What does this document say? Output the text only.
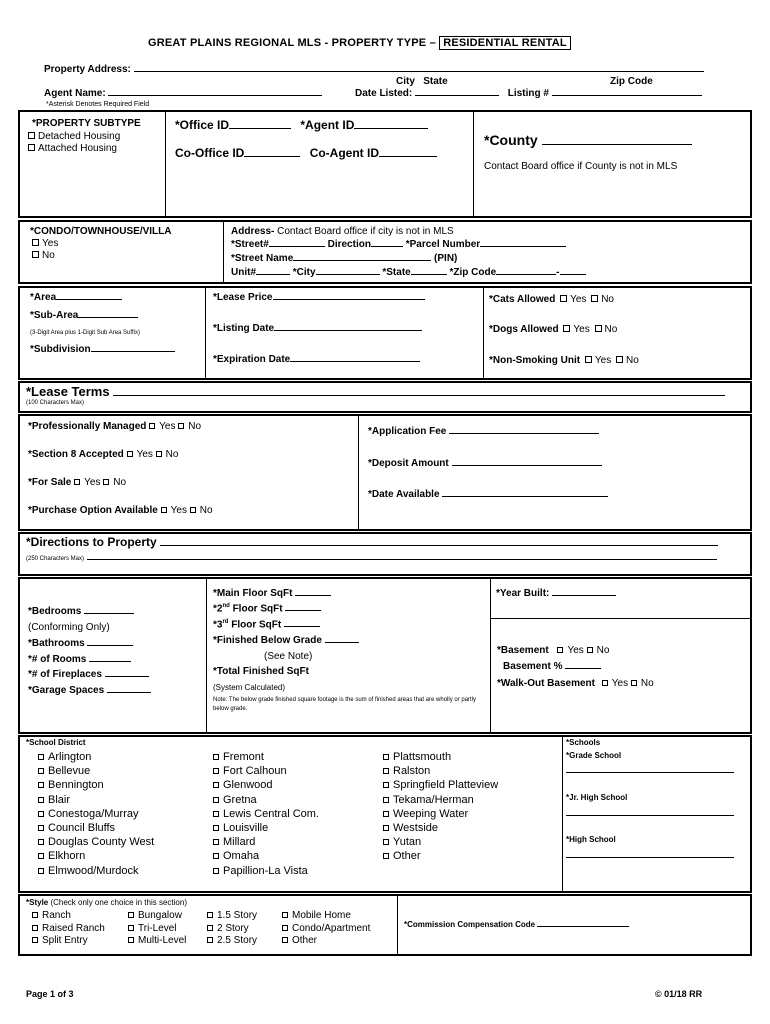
GREAT PLAINS REGIONAL MLS - PROPERTY TYPE – RESIDENTIAL RENTAL
Property Address:
City   State	Zip Code
Agent Name:	Date Listed:	Listing #
*Asterisk Denotes Required Field
*PROPERTY SUBTYPE
Detached Housing
Attached Housing
*Office ID	*Agent ID
Co-Office ID	Co-Agent ID
*County
Contact Board office if County is not in MLS
*CONDO/TOWNHOUSE/VILLA
Yes
No
Address- Contact Board office if city is not in MLS
*Street#	Direction	*Parcel Number
*Street Name	(PIN)
Unit#	*City	*State	*Zip Code	-
*Area
*Sub-Area
(3-Digit Area plus 1-Digit Sub Area Suffix)
*Subdivision
*Lease Price
*Listing Date
*Expiration Date
*Cats Allowed Yes No
*Dogs Allowed Yes No
*Non-Smoking Unit Yes No
*Lease Terms
(100 Characters Max)
*Professionally Managed Yes No
*Section 8 Accepted Yes No
*For Sale Yes No
*Purchase Option Available Yes No
*Application Fee
*Deposit Amount
*Date Available
*Directions to Property
(250 Characters Max)
*Bedrooms
(Conforming Only)
*Bathrooms
*# of Rooms
*# of Fireplaces
*Garage Spaces
*Main Floor SqFt
*2nd Floor SqFt
*3rd Floor SqFt
*Finished Below Grade
(See Note)
*Total Finished SqFt
(System Calculated)
Note: The below grade finished square footage is the sum of finished areas that are wholly or partly below grade.
*Year Built:
*Basement Yes No
Basement %
*Walk-Out Basement Yes No
*School District
Arlington
Bellevue
Bennington
Blair
Conestoga/Murray
Council Bluffs
Douglas County West
Elkhorn
Elmwood/Murdock
Fremont
Fort Calhoun
Glenwood
Gretna
Lewis Central Com.
Louisville
Millard
Omaha
Papillion-La Vista
Plattsmouth
Ralston
Springfield Platteview
Tekama/Herman
Weeping Water
Westside
Yutan
Other
*Schools
*Grade School
*Jr. High School
*High School
*Style (Check only one choice in this section)
Ranch
Raised Ranch
Split Entry
Bungalow
Tri-Level
Multi-Level
1.5 Story
2 Story
2.5 Story
Mobile Home
Condo/Apartment
Other
*Commission Compensation Code
Page 1 of 3	© 01/18 RR
